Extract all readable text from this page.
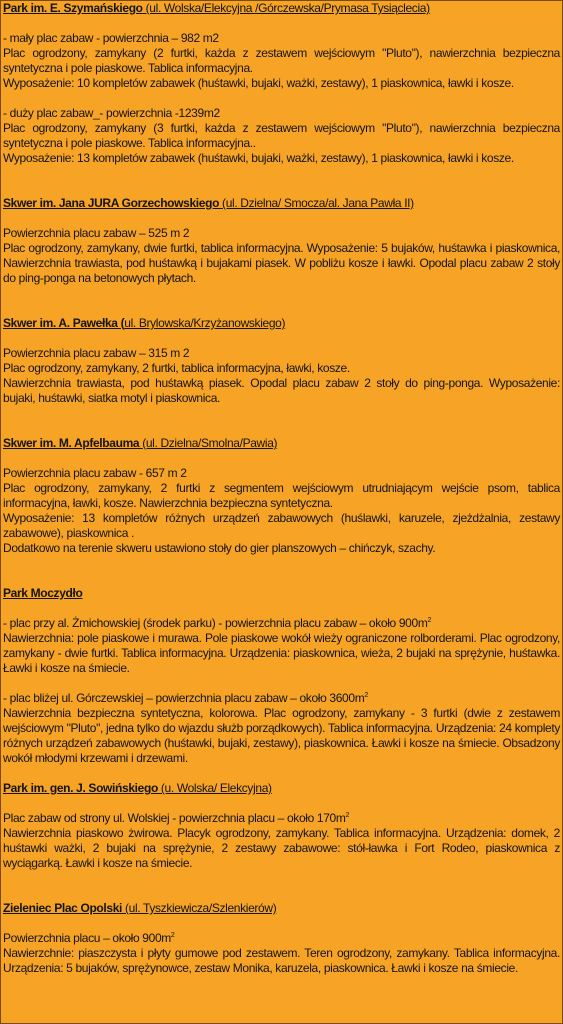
Park im. E. Szymańskiego (ul. Wolska/Elekcyjna /Górczewska/Prymasa Tysiąclecia)

- mały plac zabaw - powierzchnia – 982 m2

Plac ogrodzony, zamykany (2 furtki, każda z zestawem wejściowym "Pluto"), nawierzchnia bezpieczna syntetyczna i pole piaskowe. Tablica informacyjna.

Wyposażenie: 10 kompletów zabawek (huśtawki, bujaki, ważki, zestawy), 1 piaskownica, ławki i kosze.

- duży plac zabaw_- powierzchnia -1239m2

Plac ogrodzony, zamykany (3 furtki, każda z zestawem wejściowym "Pluto"), nawierzchnia bezpieczna syntetyczna i pole piaskowe. Tablica informacyjna..

Wyposażenie: 13 kompletów zabawek (huśtawki, bujaki, ważki, zestawy), 1 piaskownica, ławki i kosze.

Skwer im. Jana JURA Gorzechowskiego (ul. Dzielna/ Smocza/al. Jana Pawła II)

Powierzchnia placu zabaw – 525 m 2

Plac ogrodzony, zamykany, dwie furtki, tablica informacyjna. Wyposażenie: 5 bujaków, huśtawka i piaskownica, Nawierzchnia trawiasta, pod huśtawką i bujakami piasek. W pobliżu kosze i ławki. Opodal placu zabaw 2 stoły do ping-ponga na betonowych płytach.

Skwer im. A. Pawełka (ul. Brylowska/Krzyżanowskiego)

Powierzchnia placu zabaw – 315 m 2

Plac ogrodzony, zamykany, 2 furtki, tablica informacyjna, ławki, kosze.

Nawierzchnia trawiasta, pod huśtawką piasek. Opodal placu zabaw 2 stoły do ping-ponga. Wyposażenie: bujaki, huśtawki, siatka motyl i piaskownica.

Skwer im. M. Apfelbauma (ul. Dzielna/Smolna/Pawia)

Powierzchnia placu zabaw - 657 m 2

Plac ogrodzony, zamykany, 2 furtki z segmentem wejściowym utrudniającym wejście psom, tablica informacyjna, ławki, kosze. Nawierzchnia bezpieczna syntetyczna.

Wyposażenie: 13 kompletów różnych urządzeń zabawowych (huślawki, karuzele, zjeżdżalnia, zestawy zabawowe), piaskownica .

Dodatkowo na terenie skweru ustawiono stoły do gier planszowych – chińczyk, szachy.

Park Moczydło

- plac przy al. Żmichowskiej (środek parku) - powierzchnia placu zabaw – około $900m^2$

Nawierzchnia: pole piaskowe i murawa. Pole piaskowe wokół wieży ograniczone rolborderami. Plac ogrodzony, zamykany - dwie furtki. Tablica informacyjna. Urządzenia: piaskownica, wieża, 2 bujaki na sprężynie, huśtawka. Ławki i kosze na śmiecie.

- plac bliżej ul. Górczewskiej – powierzchnia placu zabaw – około $3600m^2$

Nawierzchnia bezpieczna syntetyczna, kolorowa. Plac ogrodzony, zamykany - 3 furtki (dwie z zestawem wejściowym "Pluto", jedna tylko do wjazdu służb porządkowych). Tablica informacyjna. Urządzenia: 24 komplety różnych urządzeń zabawowych (huśtawki, bujaki, zestawy), piaskownica. Ławki i kosze na śmiecie. Obsadzony wokół młodymi krzewami i drzewami.

Park im. gen. J. Sowińskiego (u. Wolska/ Elekcyjna)

Plac zabaw od strony ul. Wolskiej - powierzchnia placu – około $170m^2$

Nawierzchnia piaskowo żwirowa. Placyk ogrodzony, zamykany. Tablica informacyjna. Urządzenia: domek, 2 huśtawki ważki, 2 bujaki na sprężynie, 2 zestawy zabawowe: stół-ławka i Fort Rodeo, piaskownica z wyciągarką. Ławki i kosze na śmiecie.

Zieleniec Plac Opolski (ul. Tyszkiewicza/Szlenkierów)

Powierzchnia placu – około $900m^2$

Nawierzchnie: piaszczysta i płyty gumowe pod zestawem. Teren ogrodzony, zamykany. Tablica informacyjna. Urządzenia: 5 bujaków, sprężynowce, zestaw Monika, karuzela, piaskownica. Ławki i kosze na śmiecie.
